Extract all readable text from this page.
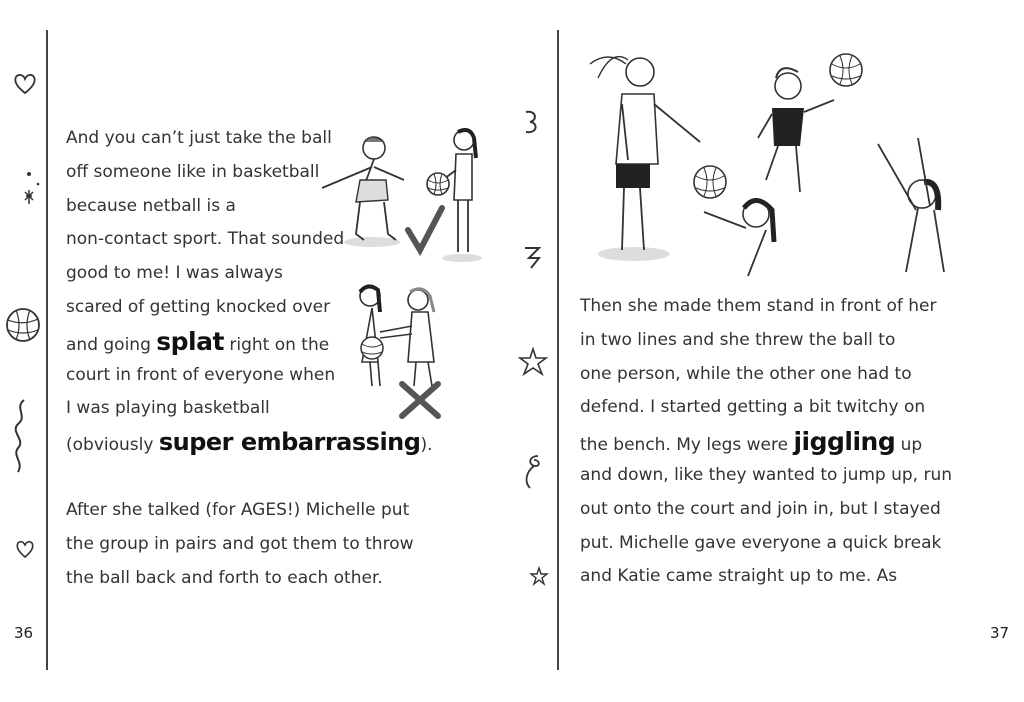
And you can’t just take the ball
off someone like in basketball
because netball is a
non-contact sport. That sounded
good to me! I was always
scared of getting knocked over
and going splat right on the
court in front of everyone when
I was playing basketball
(obviously super embarrassing).
After she talked (for AGES!) Michelle put
the group in pairs and got them to throw
the ball back and forth to each other.
Then she made them stand in front of her
in two lines and she threw the ball to
one person, while the other one had to
defend. I started getting a bit twitchy on
the bench. My legs were jiggling up
and down, like they wanted to jump up, run
out onto the court and join in, but I stayed
put. Michelle gave everyone a quick break
and Katie came straight up to me. As
36	37
